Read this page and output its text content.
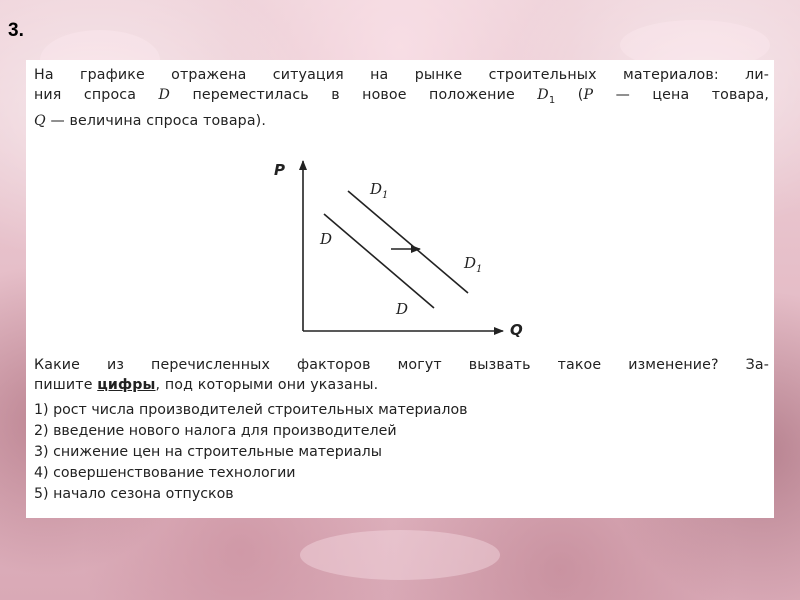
3.
На графике отражена ситуация на рынке строительных материалов: ли-
ния спроса D переместилась в новое положение $D_1$ (P — цена товара,
Q — величина спроса товара).
P
Q
D
D
$D_1$
$D_1$
Какие из перечисленных факторов могут вызвать такое изменение? За-
пишите цифры, под которыми они указаны.
1) рост числа производителей строительных материалов
2) введение нового налога для производителей
3) снижение цен на строительные материалы
4) совершенствование технологии
5) начало сезона отпусков
